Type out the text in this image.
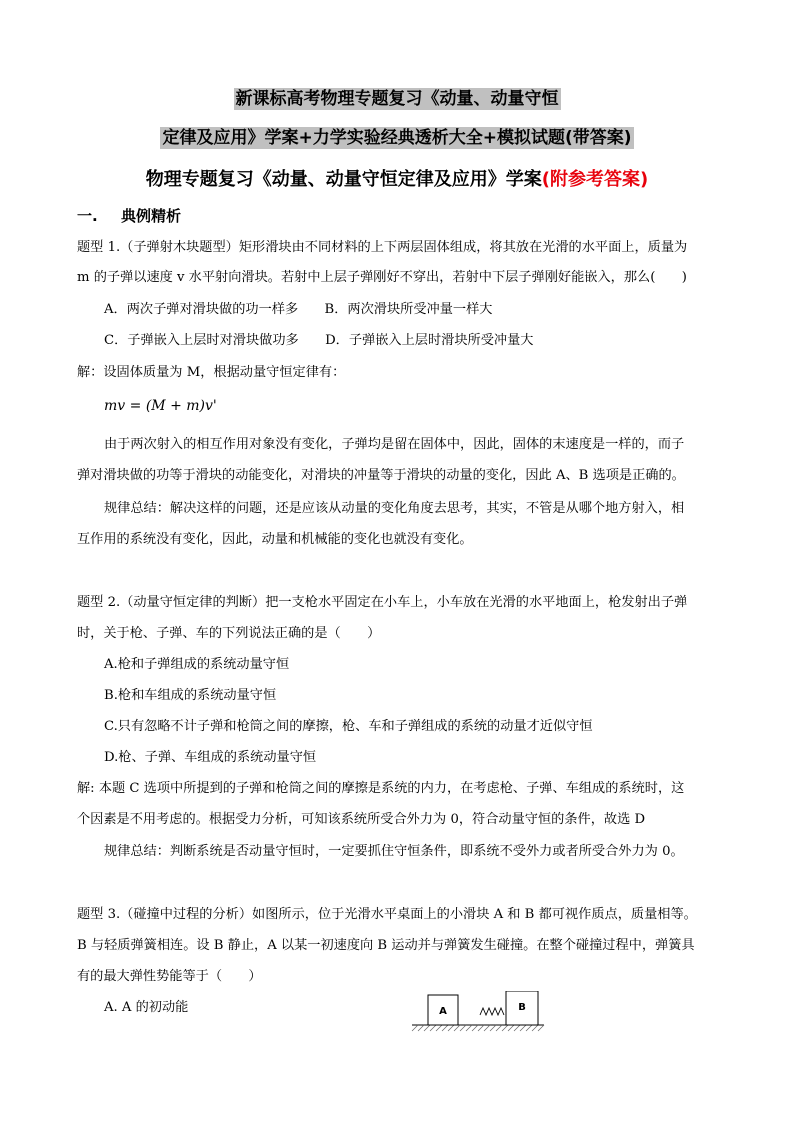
新课标高考物理专题复习《动量、动量守恒
定律及应用》学案+力学实验经典透析大全+模拟试题(带答案)
物理专题复习《动量、动量守恒定律及应用》学案(附参考答案)
一. 典例精析
题型 1.（子弹射木块题型）矩形滑块由不同材料的上下两层固体组成，将其放在光滑的水平面上，质量为
m 的子弹以速度 v 水平射向滑块。若射中上层子弹刚好不穿出，若射中下层子弹刚好能嵌入，那么(　　)
A．两次子弹对滑块做的功一样多　　B．两次滑块所受冲量一样大
C．子弹嵌入上层时对滑块做功多　　D．子弹嵌入上层时滑块所受冲量大
解：设固体质量为 M，根据动量守恒定律有：
mv = (M + m)v'
由于两次射入的相互作用对象没有变化，子弹均是留在固体中，因此，固体的末速度是一样的，而子
弹对滑块做的功等于滑块的动能变化，对滑块的冲量等于滑块的动量的变化，因此 A、B 选项是正确的。
规律总结：解决这样的问题，还是应该从动量的变化角度去思考，其实，不管是从哪个地方射入，相
互作用的系统没有变化，因此，动量和机械能的变化也就没有变化。
题型 2.（动量守恒定律的判断）把一支枪水平固定在小车上，小车放在光滑的水平地面上，枪发射出子弹
时，关于枪、子弹、车的下列说法正确的是（　　）
A.枪和子弹组成的系统动量守恒
B.枪和车组成的系统动量守恒
C.只有忽略不计子弹和枪筒之间的摩擦，枪、车和子弹组成的系统的动量才近似守恒
D.枪、子弹、车组成的系统动量守恒
解: 本题 C 选项中所提到的子弹和枪筒之间的摩擦是系统的内力，在考虑枪、子弹、车组成的系统时，这
个因素是不用考虑的。根据受力分析，可知该系统所受合外力为 0，符合动量守恒的条件，故选 D
规律总结：判断系统是否动量守恒时，一定要抓住守恒条件，即系统不受外力或者所受合外力为 0。
题型 3.（碰撞中过程的分析）如图所示，位于光滑水平桌面上的小滑块 A 和 B 都可视作质点，质量相等。
B 与轻质弹簧相连。设 B 静止，A 以某一初速度向 B 运动并与弹簧发生碰撞。在整个碰撞过程中，弹簧具
有的最大弹性势能等于（　　）
A. A 的初动能	A	B
